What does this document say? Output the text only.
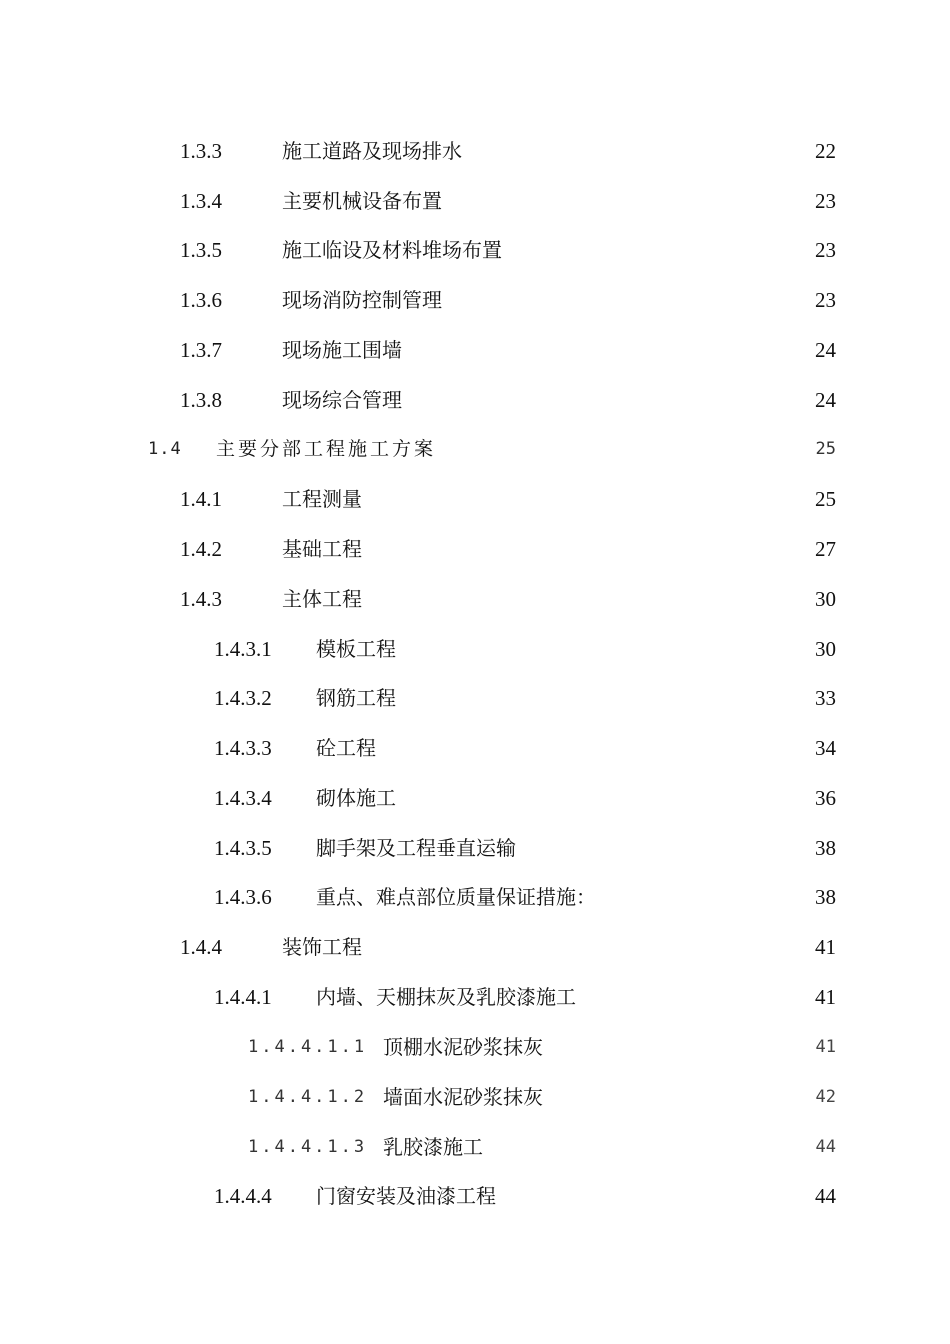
1.3.3	施工道路及现场排水	22
1.3.4	主要机械设备布置	23
1.3.5	施工临设及材料堆场布置	23
1.3.6	现场消防控制管理	23
1.3.7	现场施工围墙	24
1.3.8	现场综合管理	24
1.4 主要分部工程施工方案	25
1.4.1	工程测量	25
1.4.2	基础工程	27
1.4.3	主体工程	30
1.4.3.1 模板工程	30
1.4.3.2 钢筋工程	33
1.4.3.3 砼工程	34
1.4.3.4 砌体施工	36
1.4.3.5 脚手架及工程垂直运输	38
1.4.3.6 重点、难点部位质量保证措施：	38
1.4.4	装饰工程	41
1.4.4.1 内墙、天棚抹灰及乳胶漆施工	41
1.4.4.1.1 顶棚水泥砂浆抹灰	41
1.4.4.1.2 墙面水泥砂浆抹灰	42
1.4.4.1.3 乳胶漆施工	44
1.4.4.4 门窗安装及油漆工程	44
